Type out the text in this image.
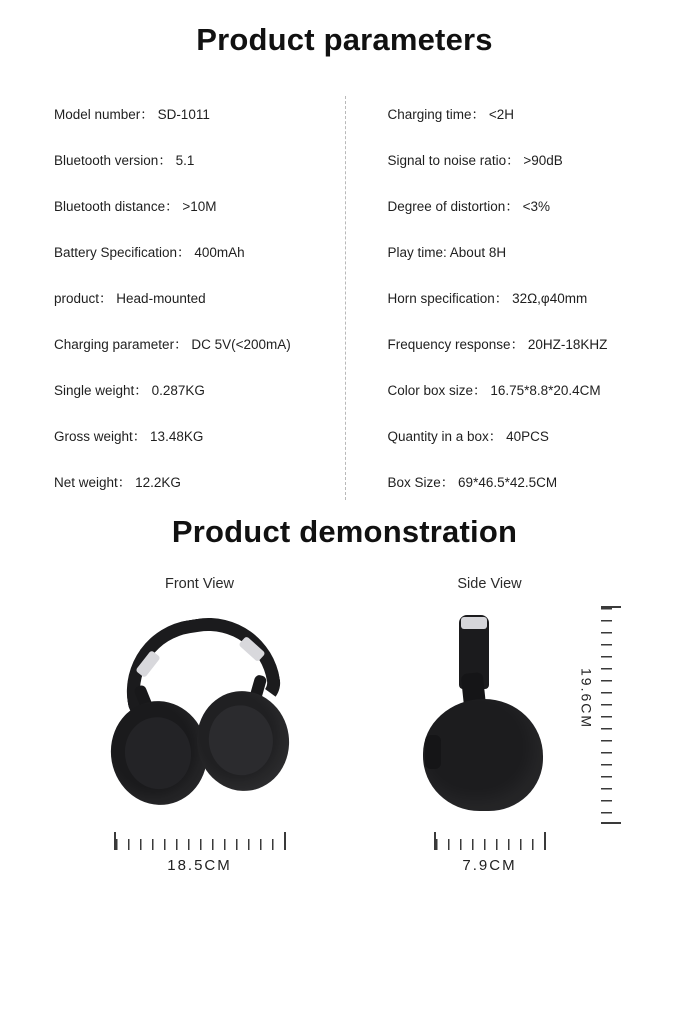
Product parameters
Model number： SD-1011
Bluetooth version： 5.1
Bluetooth distance： >10M
Battery Specification： 400mAh
product： Head-mounted
Charging parameter： DC 5V(<200mA)
Single weight： 0.287KG
Gross weight： 13.48KG
Net weight： 12.2KG
Charging time： <2H
Signal to noise ratio： >90dB
Degree of distortion： <3%
Play time: About 8H
Horn specification： 32Ω,φ40mm
Frequency response： 20HZ-18KHZ
Color box size： 16.75*8.8*20.4CM
Quantity in a box： 40PCS
Box Size： 69*46.5*42.5CM
Product demonstration
Front View
18.5CM
Side View
19.6CM
7.9CM
